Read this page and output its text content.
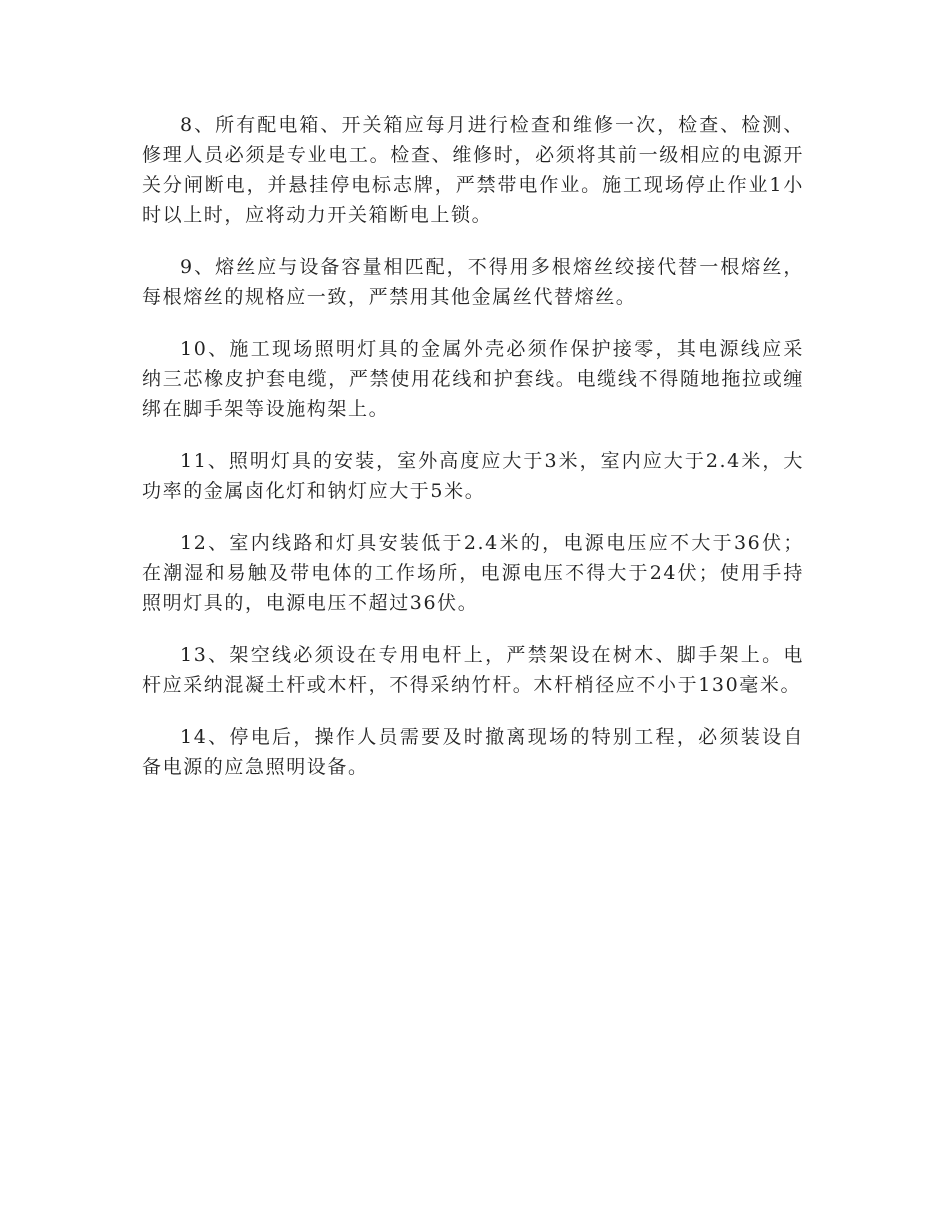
8、所有配电箱、开关箱应每月进行检查和维修一次，检查、检测、修理人员必须是专业电工。检查、维修时，必须将其前一级相应的电源开关分闸断电，并悬挂停电标志牌，严禁带电作业。施工现场停止作业1小时以上时，应将动力开关箱断电上锁。

9、熔丝应与设备容量相匹配，不得用多根熔丝绞接代替一根熔丝，每根熔丝的规格应一致，严禁用其他金属丝代替熔丝。

10、施工现场照明灯具的金属外壳必须作保护接零，其电源线应采纳三芯橡皮护套电缆，严禁使用花线和护套线。电缆线不得随地拖拉或缠绑在脚手架等设施构架上。

11、照明灯具的安装，室外高度应大于3米，室内应大于2.4米，大功率的金属卤化灯和钠灯应大于5米。

12、室内线路和灯具安装低于2.4米的，电源电压应不大于36伏；在潮湿和易触及带电体的工作场所，电源电压不得大于24伏；使用手持照明灯具的，电源电压不超过36伏。

13、架空线必须设在专用电杆上，严禁架设在树木、脚手架上。电杆应采纳混凝土杆或木杆，不得采纳竹杆。木杆梢径应不小于130毫米。

14、停电后，操作人员需要及时撤离现场的特别工程，必须装设自备电源的应急照明设备。
